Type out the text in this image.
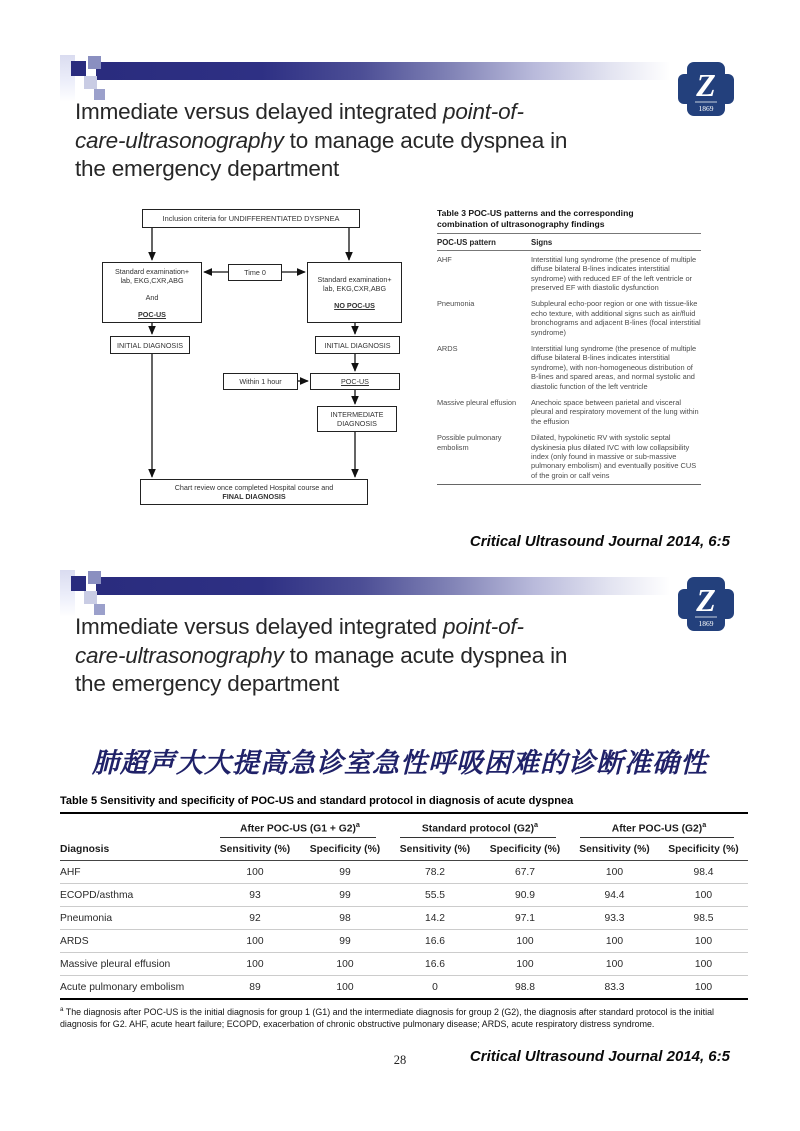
Z
1869
Immediate versus delayed integrated point-of-
care-ultrasonography to manage acute dyspnea in
the emergency department
Inclusion criteria for UNDIFFERENTIATED DYSPNEA
Standard examination+
lab, EKG,CXR,ABG
And
POC-US
Time 0
Standard examination+
lab, EKG,CXR,ABG
NO POC-US
INITIAL DIAGNOSIS	INITIAL DIAGNOSIS
Within 1 hour	POC-US
INTERMEDIATE
DIAGNOSIS
Chart review once completed Hospital course and
FINAL DIAGNOSIS
Table 3 POC-US patterns and the corresponding
combination of ultrasonography findings
POC-US pattern	Signs
AHF	Interstitial lung syndrome (the presence of multiple diffuse bilateral B-lines indicates interstitial syndrome) with reduced EF of the left ventricle or preserved EF with diastolic dysfunction
Pneumonia	Subpleural echo-poor region or one with tissue-like echo texture, with additional signs such as air/fluid bronchograms and adjacent B-lines (focal interstitial syndrome)
ARDS	Interstitial lung syndrome (the presence of multiple diffuse bilateral B-lines indicates interstitial syndrome), with non-homogeneous distribution of B-lines and spared areas, and normal systolic and diastolic function of the left ventricle
Massive pleural effusion	Anechoic space between parietal and visceral pleural and respiratory movement of the lung within the effusion
Possible pulmonary embolism	Dilated, hypokinetic RV with systolic septal dyskinesia plus dilated IVC with low collapsibility index (only found in massive or sub-massive pulmonary embolism) and eventually positive CUS of the groin or calf veins
Critical Ultrasound Journal 2014, 6:5
Z
1869
Immediate versus delayed integrated point-of-
care-ultrasonography to manage acute dyspnea in
the emergency department
肺超声大大提高急诊室急性呼吸困难的诊断准确性
Table 5 Sensitivity and specificity of POC-US and standard protocol in diagnosis of acute dyspnea
	After POC-US $(G1 + G2)^a$		Standard protocol $(G2)^a$		After POC-US $(G2)^a$
Diagnosis	Sensitivity (%)	Specificity (%)	Sensitivity (%)	Specificity (%)	Sensitivity (%)	Specificity (%)
AHF	100	99	78.2	67.7	100	98.4
ECOPD/asthma	93	99	55.5	90.9	94.4	100
Pneumonia	92	98	14.2	97.1	93.3	98.5
ARDS	100	99	16.6	100	100	100
Massive pleural effusion	100	100	16.6	100	100	100
Acute pulmonary embolism	89	100	0	98.8	83.3	100
$^a$ The diagnosis after POC-US is the initial diagnosis for group 1 (G1) and the intermediate diagnosis for group 2 (G2), the diagnosis after standard protocol is the initial diagnosis for G2. AHF, acute heart failure; ECOPD, exacerbation of chronic obstructive pulmonary disease; ARDS, acute respiratory distress syndrome.
Critical Ultrasound Journal 2014, 6:5
28
